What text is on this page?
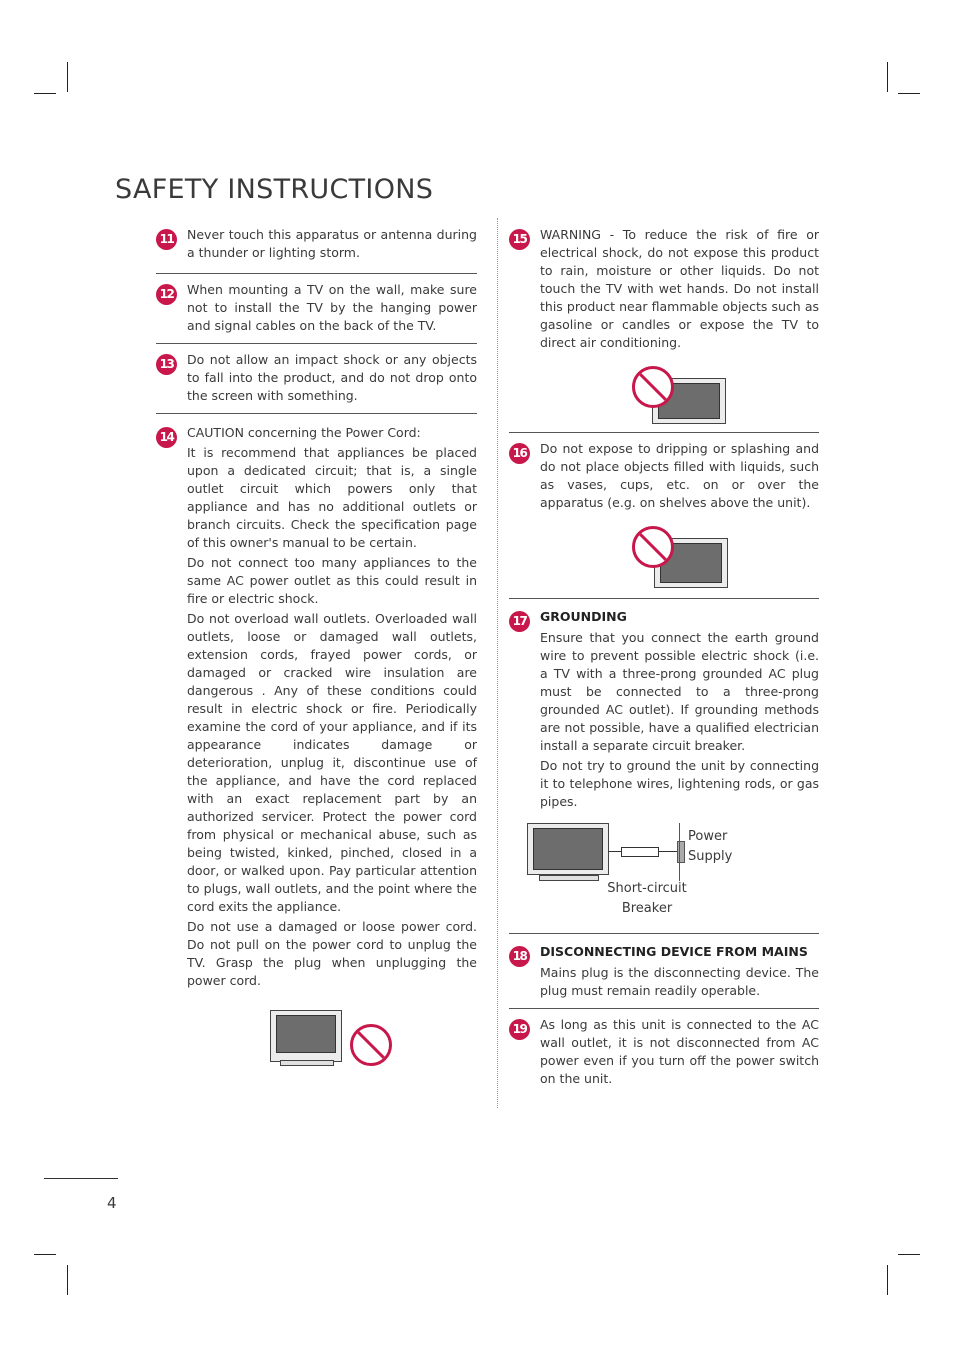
SAFETY INSTRUCTIONS
11 Never touch this apparatus or antenna during a thunder or lighting storm.

12 When mounting a TV on the wall, make sure not to install the TV by the hanging power and signal cables on the back of the TV.

13 Do not allow an impact shock or any objects to fall into the product, and do not drop onto the screen with something.

14 CAUTION concerning the Power Cord:

It is recommend that appliances be placed upon a dedicated circuit; that is, a single outlet circuit which powers only that appliance and has no additional outlets or branch circuits. Check the specification page of this owner's manual to be certain.

Do not connect too many appliances to the same AC power outlet as this could result in fire or electric shock.

Do not overload wall outlets. Overloaded wall outlets, loose or damaged wall outlets, extension cords, frayed power cords, or damaged or cracked wire insulation are dangerous . Any of these conditions could result in electric shock or fire. Periodically examine the cord of your appliance, and if its appearance indicates damage or deterioration, unplug it, discontinue use of the appliance, and have the cord replaced with an exact replacement part by an authorized servicer. Protect the power cord from physical or mechanical abuse, such as being twisted, kinked, pinched, closed in a door, or walked upon. Pay particular attention to plugs, wall outlets, and the point where the cord exits the appliance.

Do not use a damaged or loose power cord. Do not pull on the power cord to unplug the TV. Grasp the plug when unplugging the power cord.

15 WARNING - To reduce the risk of fire or electrical shock, do not expose this product to rain, moisture or other liquids. Do not touch the TV with wet hands. Do not install this product near flammable objects such as gasoline or candles or expose the TV to direct air conditioning.

16 Do not expose to dripping or splashing and do not place objects filled with liquids, such as vases, cups, etc. on or over the apparatus (e.g. on shelves above the unit).

17 GROUNDING

Ensure that you connect the earth ground wire to prevent possible electric shock (i.e. a TV with a three-prong grounded AC plug must be connected to a three-prong grounded AC outlet). If grounding methods are not possible, have a qualified electrician install a separate circuit breaker.

Do not try to ground the unit by connecting it to telephone wires, lightening rods, or gas pipes.

Power
Supply
Short-circuit
Breaker
18 DISCONNECTING DEVICE FROM MAINS

Mains plug is the disconnecting device. The plug must remain readily operable.

19 As long as this unit is connected to the AC wall outlet, it is not disconnected from AC power even if you turn off the power switch on the unit.

4
